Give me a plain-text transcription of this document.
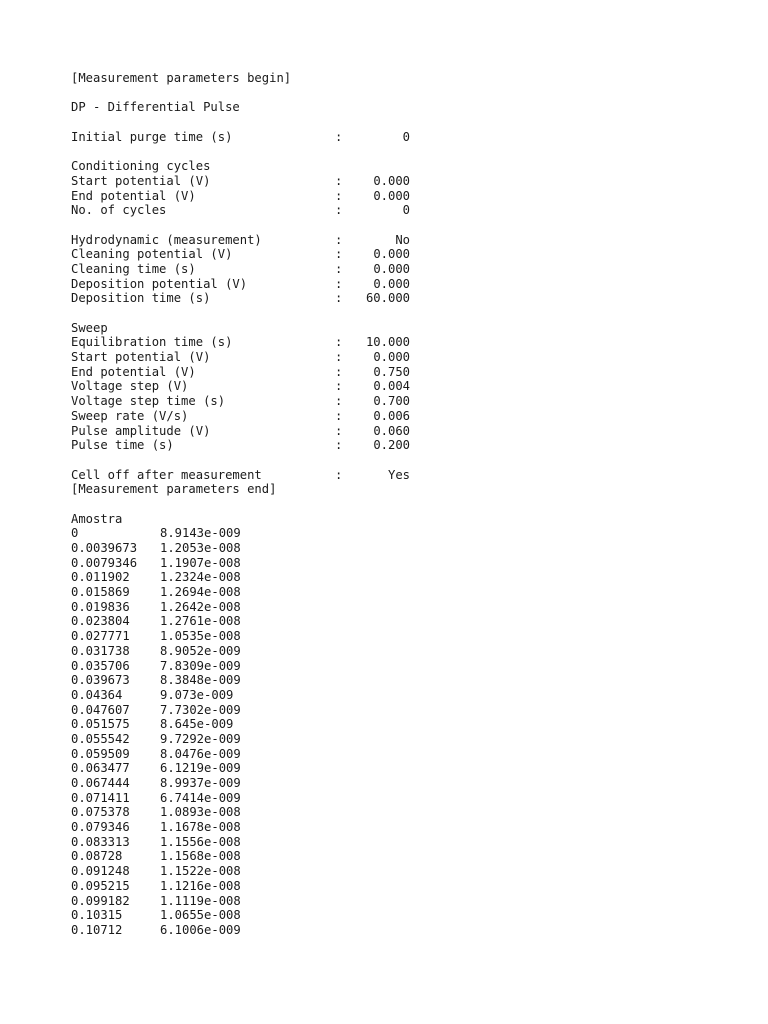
[Measurement parameters begin]
DP - Differential Pulse
Initial purge time (s)	:	0
Conditioning cycles
Start potential (V)	:	0.000
End potential (V)	:	0.000
No. of cycles	:	0
Hydrodynamic (measurement)	:	No
Cleaning potential (V)	:	0.000
Cleaning time (s)	:	0.000
Deposition potential (V)	:	0.000
Deposition time (s)	:	60.000
Sweep
Equilibration time (s)	:	10.000
Start potential (V)	:	0.000
End potential (V)	:	0.750
Voltage step (V)	:	0.004
Voltage step time (s)	:	0.700
Sweep rate (V/s)	:	0.006
Pulse amplitude (V)	:	0.060
Pulse time (s)	:	0.200
Cell off after measurement	:	Yes
[Measurement parameters end]
Amostra
0	8.9143e-009
0.0039673	1.2053e-008
0.0079346	1.1907e-008
0.011902	1.2324e-008
0.015869	1.2694e-008
0.019836	1.2642e-008
0.023804	1.2761e-008
0.027771	1.0535e-008
0.031738	8.9052e-009
0.035706	7.8309e-009
0.039673	8.3848e-009
0.04364	9.073e-009
0.047607	7.7302e-009
0.051575	8.645e-009
0.055542	9.7292e-009
0.059509	8.0476e-009
0.063477	6.1219e-009
0.067444	8.9937e-009
0.071411	6.7414e-009
0.075378	1.0893e-008
0.079346	1.1678e-008
0.083313	1.1556e-008
0.08728	1.1568e-008
0.091248	1.1522e-008
0.095215	1.1216e-008
0.099182	1.1119e-008
0.10315	1.0655e-008
0.10712	6.1006e-009
